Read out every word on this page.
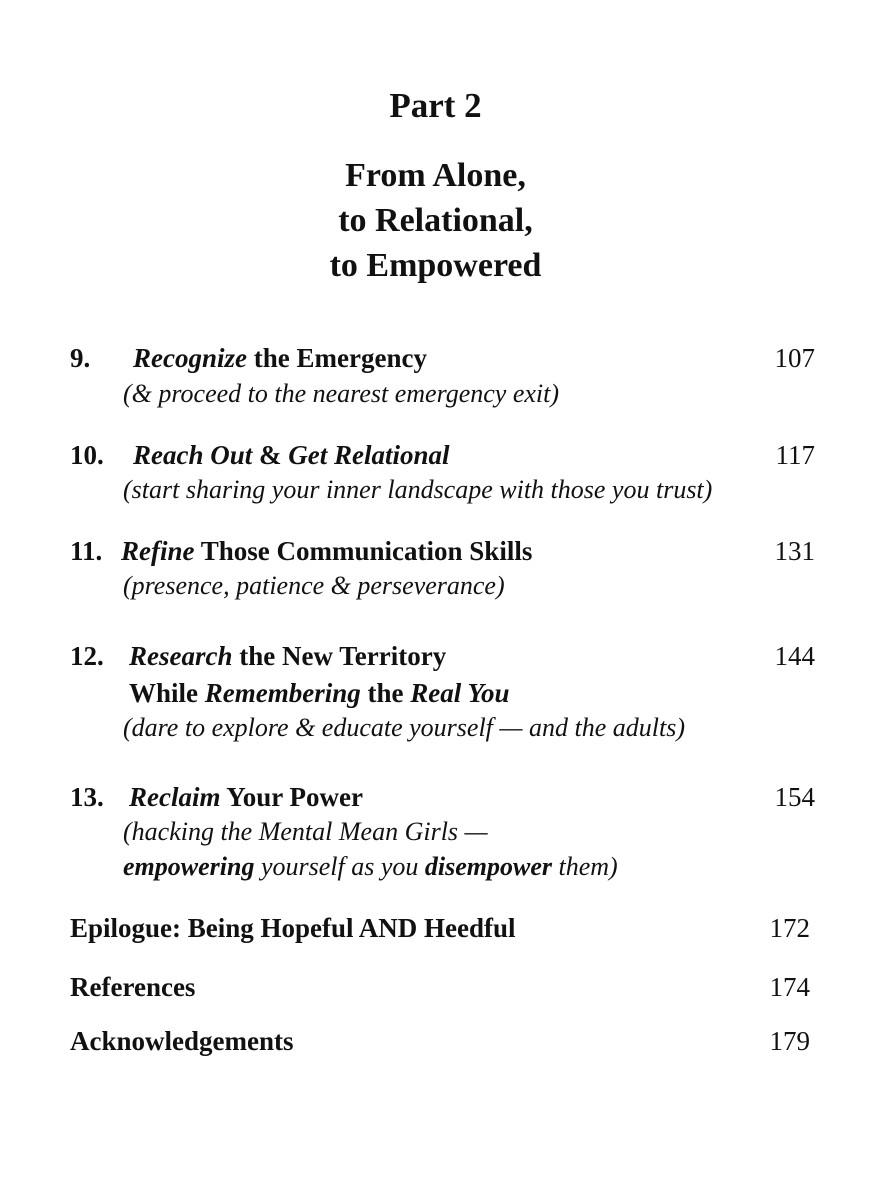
Part 2
From Alone,
to Relational,
to Empowered
9. Recognize the Emergency	107
(& proceed to the nearest emergency exit)
10. Reach Out & Get Relational	117
(start sharing your inner landscape with those you trust)
11. Refine Those Communication Skills	131
(presence, patience & perseverance)
12. Research the New Territory	144
While Remembering the Real You
(dare to explore & educate yourself — and the adults)
13. Reclaim Your Power	154
(hacking the Mental Mean Girls —
empowering yourself as you disempower them)
Epilogue: Being Hopeful AND Heedful	172
References	174
Acknowledgements	179
